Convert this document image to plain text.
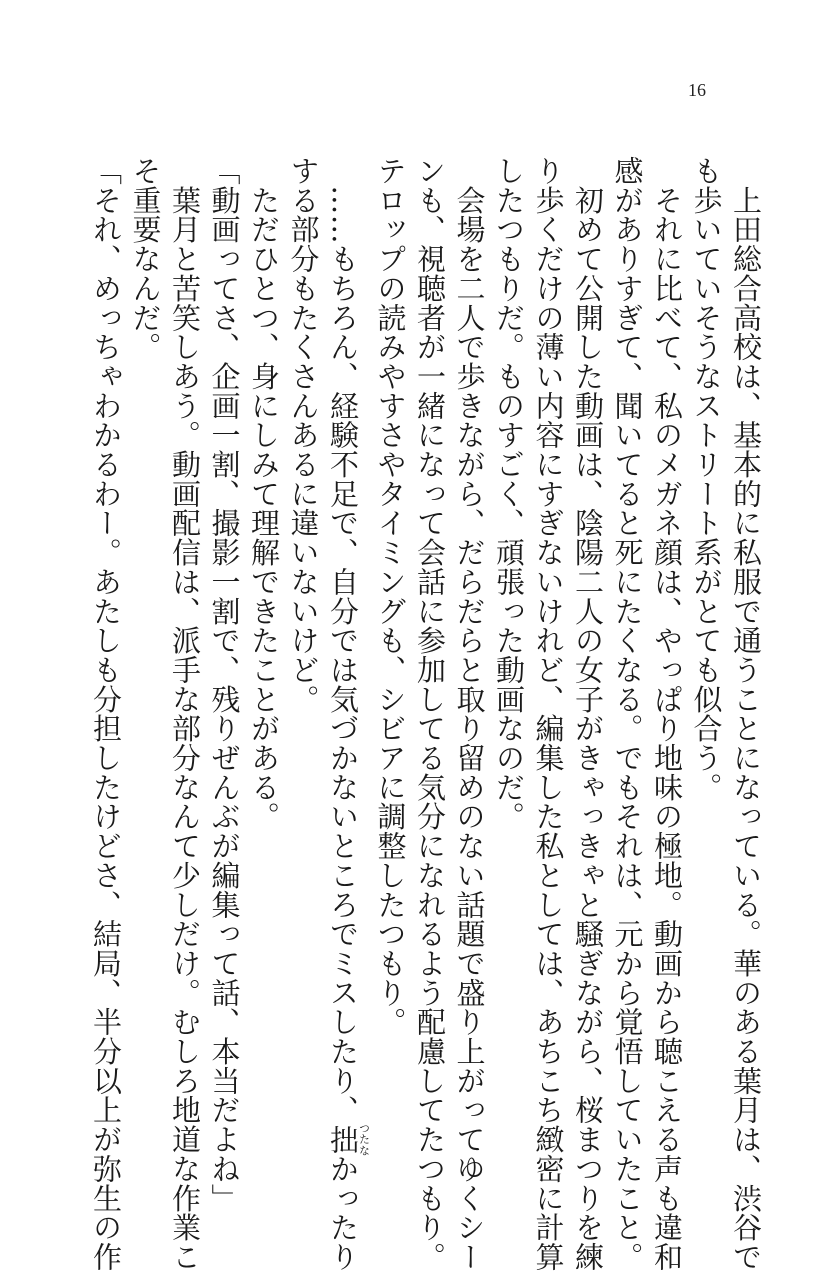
16
　上田総合高校は、基本的に私服で通うことになっている。華のある葉月は、渋谷で
も歩いていそうなストリート系がとても似合う。
　それに比べて、私のメガネ顔は、やっぱり地味の極地。動画から聴こえる声も違和
感がありすぎて、聞いてると死にたくなる。でもそれは、元から覚悟していたこと。
　初めて公開した動画は、陰陽二人の女子がきゃっきゃと騒ぎながら、桜まつりを練
り歩くだけの薄い内容にすぎないけれど、編集した私としては、あちこち緻密に計算
したつもりだ。ものすごく、頑張った動画なのだ。
　会場を二人で歩きながら、だらだらと取り留めのない話題で盛り上がってゆくシー
ンも、視聴者が一緒になって会話に参加してる気分になれるよう配慮してたつもり。
テロップの読みやすさやタイミングも、シビアに調整したつもり。
　……もちろん、経験不足で、自分では気づかないところでミスしたり、拙つたなかったり
する部分もたくさんあるに違いないけど。
　ただひとつ、身にしみて理解できたことがある。
「動画ってさ、企画一割、撮影一割で、残りぜんぶが編集って話、本当だよね」
　葉月と苦笑しあう。動画配信は、派手な部分なんて少しだけ。むしろ地道な作業こ
そ重要なんだ。
「それ、めっちゃわかるわー。あたしも分担したけどさ、結局、半分以上が弥生の作
